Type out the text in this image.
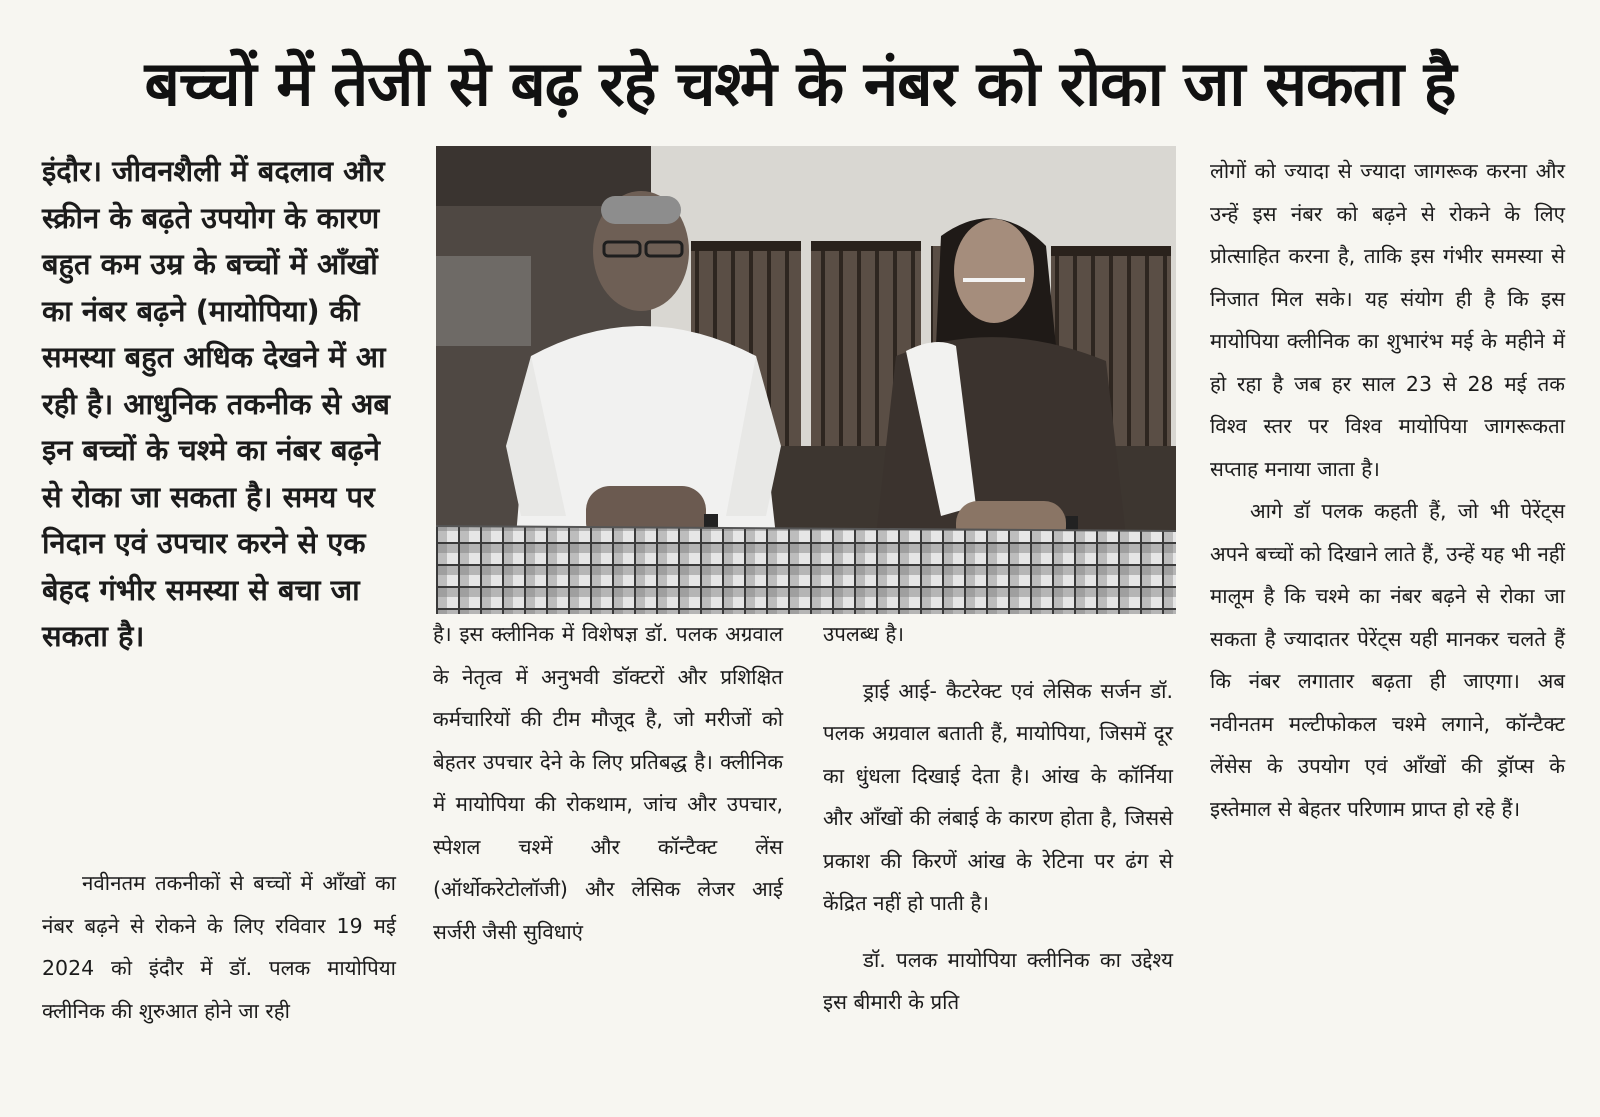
बच्चों में तेजी से बढ़ रहे चश्मे के नंबर को रोका जा सकता है

इंदौर। जीवनशैली में बदलाव और स्क्रीन के बढ़ते उपयोग के कारण बहुत कम उम्र के बच्चों में आँखों का नंबर बढ़ने (मायोपिया) की समस्या बहुत अधिक देखने में आ रही है। आधुनिक तकनीक से अब इन बच्चों के चश्मे का नंबर बढ़ने से रोका जा सकता है। समय पर निदान एवं उपचार करने से एक बेहद गंभीर समस्या से बचा जा सकता है।

नवीनतम तकनीकों से बच्चों में आँखों का नंबर बढ़ने से रोकने के लिए रविवार 19 मई 2024 को इंदौर में डॉ. पलक मायोपिया क्लीनिक की शुरुआत होने जा रही

है। इस क्लीनिक में विशेषज्ञ डॉ. पलक अग्रवाल के नेतृत्व में अनुभवी डॉक्टरों और प्रशिक्षित कर्मचारियों की टीम मौजूद है, जो मरीजों को बेहतर उपचार देने के लिए प्रतिबद्ध है। क्लीनिक में मायोपिया की रोकथाम, जांच और उपचार, स्पेशल चश्में और कॉन्टैक्ट लेंस (ऑर्थोकरेटोलॉजी) और लेसिक लेजर आई सर्जरी जैसी सुविधाएं

उपलब्ध है।

ड्राई आई- कैटरेक्ट एवं लेसिक सर्जन डॉ. पलक अग्रवाल बताती हैं, मायोपिया, जिसमें दूर का धुंधला दिखाई देता है। आंख के कॉर्निया और आँखों की लंबाई के कारण होता है, जिससे प्रकाश की किरणें आंख के रेटिना पर ढंग से केंद्रित नहीं हो पाती है।

डॉ. पलक मायोपिया क्लीनिक का उद्देश्य इस बीमारी के प्रति

लोगों को ज्यादा से ज्यादा जागरूक करना और उन्हें इस नंबर को बढ़ने से रोकने के लिए प्रोत्साहित करना है, ताकि इस गंभीर समस्या से निजात मिल सके। यह संयोग ही है कि इस मायोपिया क्लीनिक का शुभारंभ मई के महीने में हो रहा है जब हर साल 23 से 28 मई तक विश्व स्तर पर विश्व मायोपिया जागरूकता सप्ताह मनाया जाता है।

आगे डॉ पलक कहती हैं, जो भी पेरेंट्स अपने बच्चों को दिखाने लाते हैं, उन्हें यह भी नहीं मालूम है कि चश्मे का नंबर बढ़ने से रोका जा सकता है ज्यादातर पेरेंट्स यही मानकर चलते हैं कि नंबर लगातार बढ़ता ही जाएगा। अब नवीनतम मल्टीफोकल चश्मे लगाने, कॉन्टैक्ट लेंसेस के उपयोग एवं आँखों की ड्रॉप्स के इस्तेमाल से बेहतर परिणाम प्राप्त हो रहे हैं।
